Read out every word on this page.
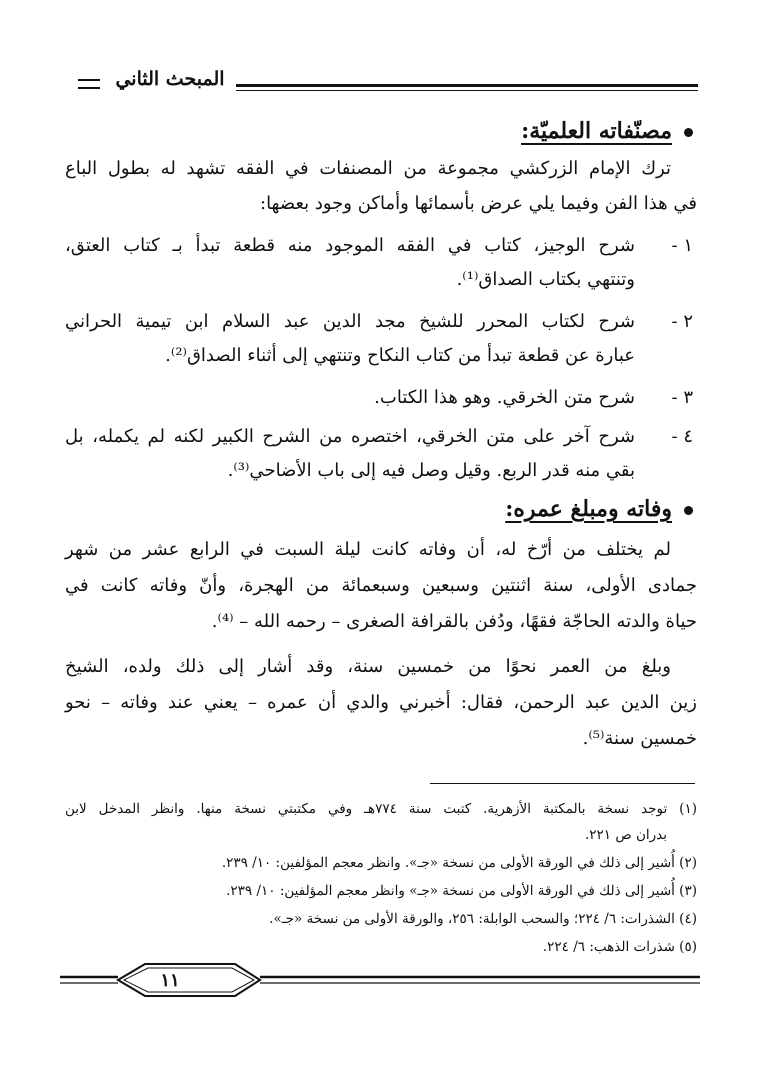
المبحث الثاني
مصنّفاته العلميّة:
ترك الإمام الزركشي مجموعة من المصنفات في الفقه تشهد له بطول الباع
في هذا الفن وفيما يلي عرض بأسمائها وأماكن وجود بعضها:
١ -
شرح الوجيز، كتاب في الفقه الموجود منه قطعة تبدأ بـ كتاب العتق،
وتنتهي بكتاب الصداق⁽¹⁾.
٢ -
شرح لكتاب المحرر للشيخ مجد الدين عبد السلام ابن تيمية الحراني
عبارة عن قطعة تبدأ من كتاب النكاح وتنتهي إلى أثناء الصداق⁽²⁾.
٣ -
شرح متن الخرقي. وهو هذا الكتاب.
٤ -
شرح آخر على متن الخرقي، اختصره من الشرح الكبير لكنه لم يكمله، بل
بقي منه قدر الربع. وقيل وصل فيه إلى باب الأضاحي⁽³⁾.
وفاته ومبلغ عمره:
لم يختلف من أرّخ له، أن وفاته كانت ليلة السبت في الرابع عشر من شهر
جمادى الأولى، سنة اثنتين وسبعين وسبعمائة من الهجرة، وأنّ وفاته كانت في
حياة والدته الحاجّة فقهًا، ودُفن بالقرافة الصغرى – رحمه الله – ⁽⁴⁾.
وبلغ من العمر نحوًا من خمسين سنة، وقد أشار إلى ذلك ولده، الشيخ
زين الدين عبد الرحمن، فقال: أخبرني والدي أن عمره – يعني عند وفاته – نحو
خمسين سنة⁽⁵⁾.
(١) توجد نسخة بالمكتبة الأزهرية. كتبت سنة ٧٧٤هـ وفي مكتبتي نسخة منها. وانظر المدخل لابن
بدران ص ٢٢١.
(٢) أُشير إلى ذلك في الورقة الأولى من نسخة «جـ». وانظر معجم المؤلفين: ١٠/ ٢٣٩.
(٣) أُشير إلى ذلك في الورقة الأولى من نسخة «جـ» وانظر معجم المؤلفين: ١٠/ ٢٣٩.
(٤) الشذرات: ٦/ ٢٢٤؛ والسحب الوابلة: ٢٥٦، والورقة الأولى من نسخة «جـ».
(٥) شذرات الذهب: ٦/ ٢٢٤.
١١
